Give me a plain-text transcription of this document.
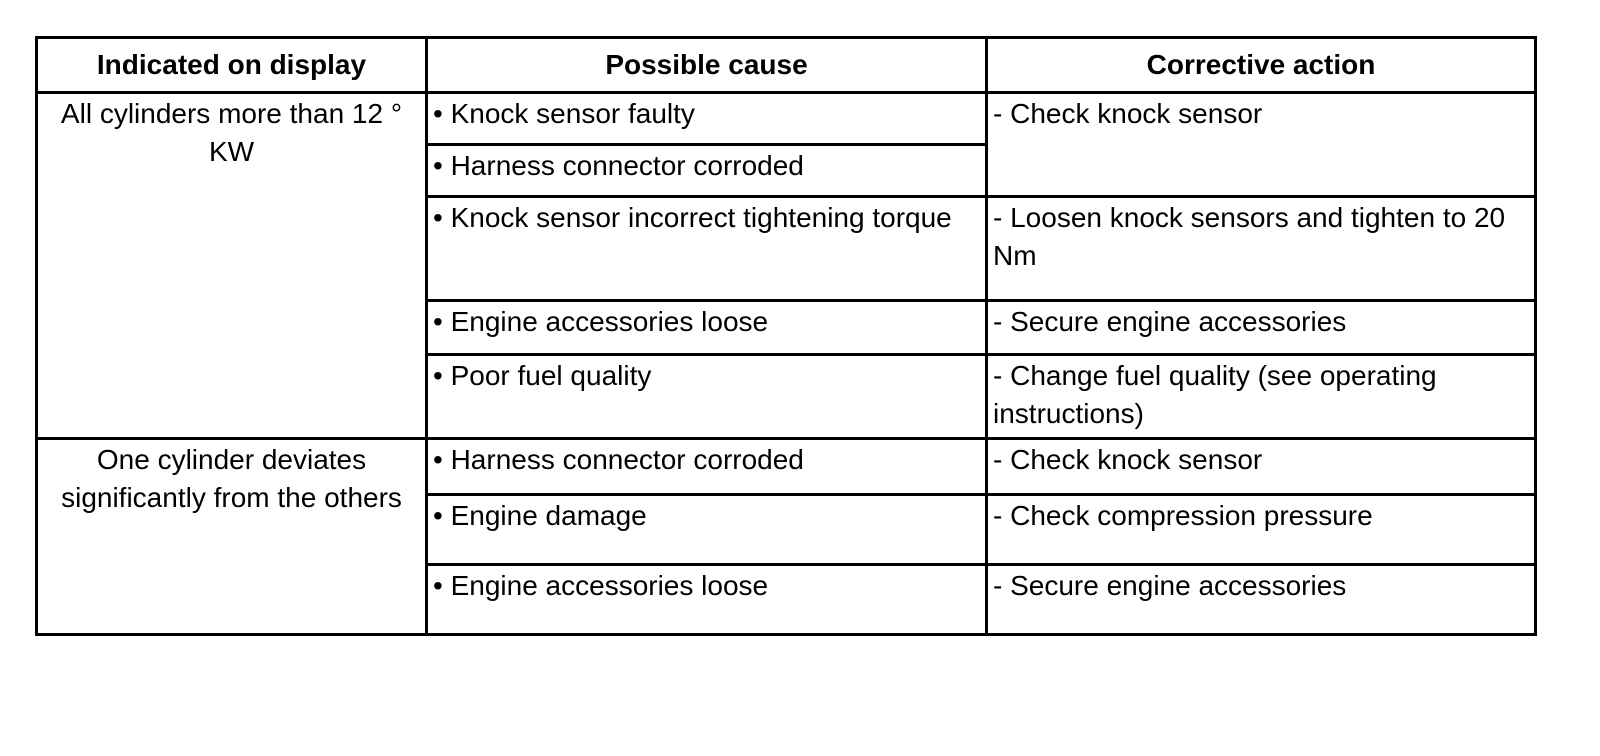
Indicated on display	Possible cause	Corrective action

All cylinders more than 12 ° KW	• Knock sensor faulty	- Check knock sensor

	• Harness connector corroded	

	• Knock sensor incorrect tightening torque	- Loosen knock sensors and tighten to 20 Nm

	• Engine accessories loose	- Secure engine accessories

	• Poor fuel quality	- Change fuel quality (see operating instructions)

One cylinder deviates significantly from the others	• Harness connector corroded	- Check knock sensor

	• Engine damage	- Check compression pressure

	• Engine accessories loose	- Secure engine accessories
